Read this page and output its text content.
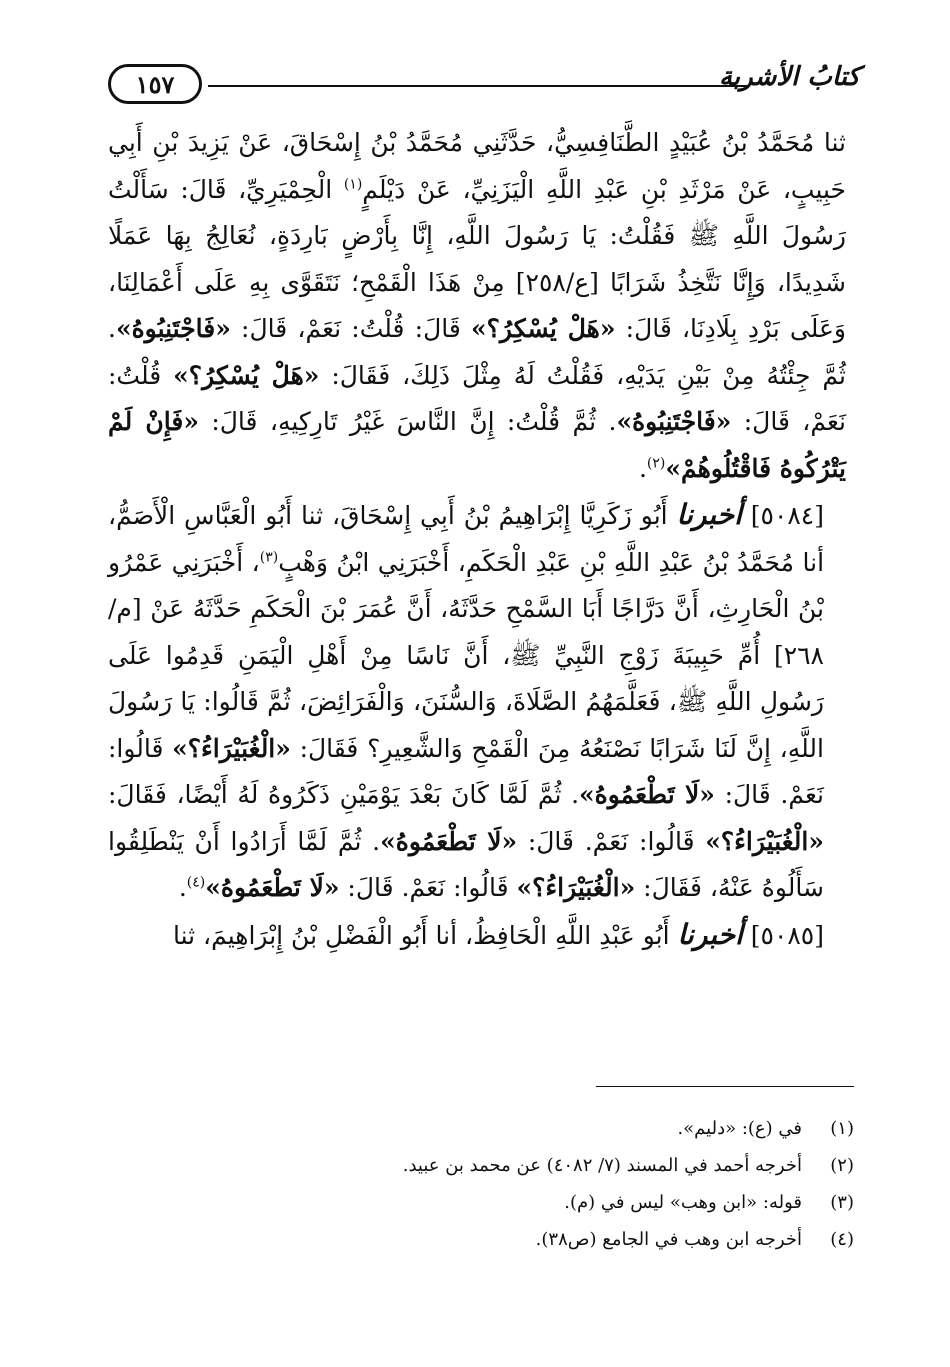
١٥٧	كتابُ الأشربة

ثنا مُحَمَّدُ بْنُ عُبَيْدٍ الطَّنَافِسِيُّ، حَدَّثَنِي مُحَمَّدُ بْنُ إِسْحَاقَ، عَنْ يَزِيدَ بْنِ أَبِي حَبِيبٍ، عَنْ مَرْثَدِ بْنِ عَبْدِ اللَّهِ الْيَزَنِيِّ، عَنْ دَيْلَمٍ$^{(١)}$ الْحِمْيَرِيِّ، قَالَ: سَأَلْتُ رَسُولَ اللَّهِ ﷺ فَقُلْتُ: يَا رَسُولَ اللَّهِ، إِنَّا بِأَرْضٍ بَارِدَةٍ، نُعَالِجُ بِهَا عَمَلًا شَدِيدًا، وَإِنَّا نَتَّخِذُ شَرَابًا [ع/٢٥٨] مِنْ هَذَا الْقَمْحِ؛ نَتَقَوَّى بِهِ عَلَى أَعْمَالِنَا، وَعَلَى بَرْدِ بِلَادِنَا، قَالَ: «هَلْ يُسْكِرُ؟» قَالَ: قُلْتُ: نَعَمْ، قَالَ: «فَاجْتَنِبُوهُ». ثُمَّ جِئْتُهُ مِنْ بَيْنِ يَدَيْهِ، فَقُلْتُ لَهُ مِثْلَ ذَلِكَ، فَقَالَ: «هَلْ يُسْكِرُ؟» قُلْتُ: نَعَمْ، قَالَ: «فَاجْتَنِبُوهُ». ثُمَّ قُلْتُ: إِنَّ النَّاسَ غَيْرُ تَارِكِيهِ، قَالَ: «فَإِنْ لَمْ يَتْرُكُوهُ فَاقْتُلُوهُمْ»$^{(٢)}$.

[٥٠٨٤] أخبرنا أَبُو زَكَرِيَّا إِبْرَاهِيمُ بْنُ أَبِي إِسْحَاقَ، ثنا أَبُو الْعَبَّاسِ الْأَصَمُّ، أنا مُحَمَّدُ بْنُ عَبْدِ اللَّهِ بْنِ عَبْدِ الْحَكَمِ، أَخْبَرَنِي ابْنُ وَهْبٍ$^{(٣)}$، أَخْبَرَنِي عَمْرُو بْنُ الْحَارِثِ، أَنَّ دَرَّاجًا أَبَا السَّمْحِ حَدَّثَهُ، أَنَّ عُمَرَ بْنَ الْحَكَمِ حَدَّثَهُ عَنْ [م/٢٦٨] أُمِّ حَبِيبَةَ زَوْجِ النَّبِيِّ ﷺ، أَنَّ نَاسًا مِنْ أَهْلِ الْيَمَنِ قَدِمُوا عَلَى رَسُولِ اللَّهِ ﷺ، فَعَلَّمَهُمُ الصَّلَاةَ، وَالسُّنَنَ، وَالْفَرَائِضَ، ثُمَّ قَالُوا: يَا رَسُولَ اللَّهِ، إِنَّ لَنَا شَرَابًا نَصْنَعُهُ مِنَ الْقَمْحِ وَالشَّعِيرِ؟ فَقَالَ: «الْغُبَيْرَاءُ؟» قَالُوا: نَعَمْ. قَالَ: «لَا تَطْعَمُوهُ». ثُمَّ لَمَّا كَانَ بَعْدَ يَوْمَيْنِ ذَكَرُوهُ لَهُ أَيْضًا، فَقَالَ: «الْغُبَيْرَاءُ؟» قَالُوا: نَعَمْ. قَالَ: «لَا تَطْعَمُوهُ». ثُمَّ لَمَّا أَرَادُوا أَنْ يَنْطَلِقُوا سَأَلُوهُ عَنْهُ، فَقَالَ: «الْغُبَيْرَاءُ؟» قَالُوا: نَعَمْ. قَالَ: «لَا تَطْعَمُوهُ»$^{(٤)}$.

[٥٠٨٥] أخبرنا أَبُو عَبْدِ اللَّهِ الْحَافِظُ، أنا أَبُو الْفَضْلِ بْنُ إِبْرَاهِيمَ، ثنا

(١)في (ع): «دليم».
(٢)أخرجه أحمد في المسند (٧/ ٤٠٨٢) عن محمد بن عبيد.
(٣)قوله: «ابن وهب» ليس في (م).
(٤)أخرجه ابن وهب في الجامع (ص٣٨).
